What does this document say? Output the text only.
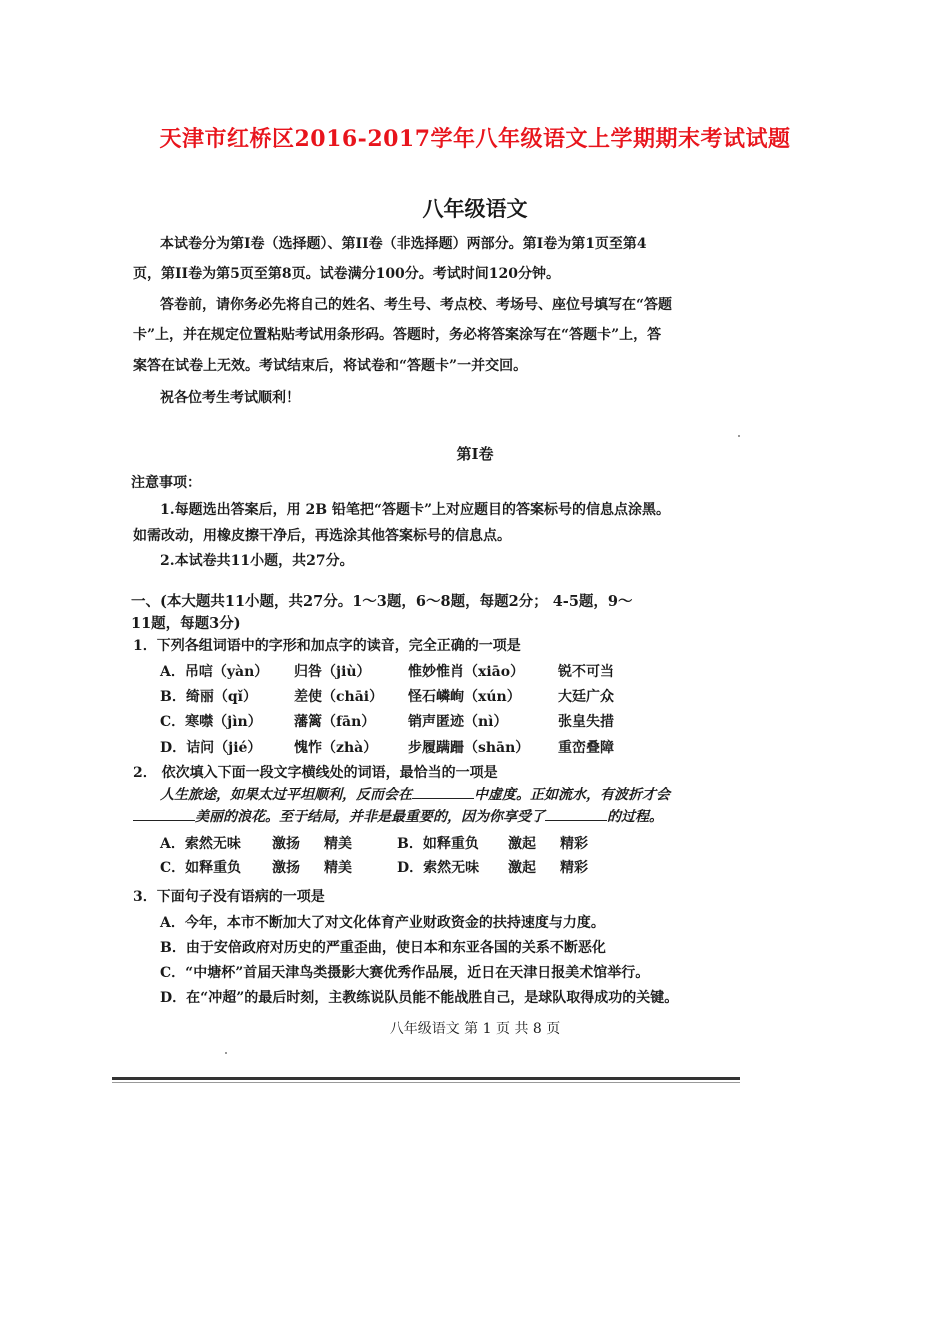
天津市红桥区2016-2017学年八年级语文上学期期末考试试题
八年级语文
本试卷分为第Ⅰ卷（选择题）、第II卷（非选择题）两部分。第Ⅰ卷为第1页至第4
页，第II卷为第5页至第8页。试卷满分100分。考试时间120分钟。
答卷前，请你务必先将自己的姓名、考生号、考点校、考场号、座位号填写在“答题
卡”上，并在规定位置粘贴考试用条形码。答题时，务必将答案涂写在“答题卡”上，答
案答在试卷上无效。考试结束后，将试卷和“答题卡”一并交回。
祝各位考生考试顺利！
第Ⅰ卷
注意事项：
1.每题选出答案后，用 2B 铅笔把“答题卡”上对应题目的答案标号的信息点涂黑。
如需改动，用橡皮擦干净后，再选涂其他答案标号的信息点。
2.本试卷共11小题，共27分。
一、(本大题共11小题，共27分。1～3题，6～8题，每题2分； 4-5题，9～
11题，每题3分)
1．下列各组词语中的字形和加点字的读音，完全正确的一项是
A．吊唁（yàn） 归咎（jiù）	惟妙惟肖（xiāo） 锐不可当
B．绮丽（qǐ）	差使（chāi） 怪石嶙峋（xún）	大廷广众
C．寒噤（jìn） 藩篱（fān） 销声匿迹（nì）	张皇失措
D．诘问（jié） 愧怍（zhà） 步履蹒跚（shān） 重峦叠障
2． 依次填入下面一段文字横线处的词语，最恰当的一项是
人生旅途，如果太过平坦顺利，反而会在	中虚度。正如流水，有波折才会
美丽的浪花。至于结局，并非是最重要的，因为你享受了	的过程。
A．索然无味 激扬 精美	B．如释重负 激起 精彩
C．如释重负 激扬 精美	D．索然无味 激起 精彩
3．下面句子没有语病的一项是
A．今年，本市不断加大了对文化体育产业财政资金的扶持速度与力度。
B．由于安倍政府对历史的严重歪曲，使日本和东亚各国的关系不断恶化
C．“中塘杯”首届天津鸟类摄影大赛优秀作品展，近日在天津日报美术馆举行。
D．在“冲超”的最后时刻，主教练说队员能不能战胜自己，是球队取得成功的关键。
八年级语文 第 1 页 共 8 页
